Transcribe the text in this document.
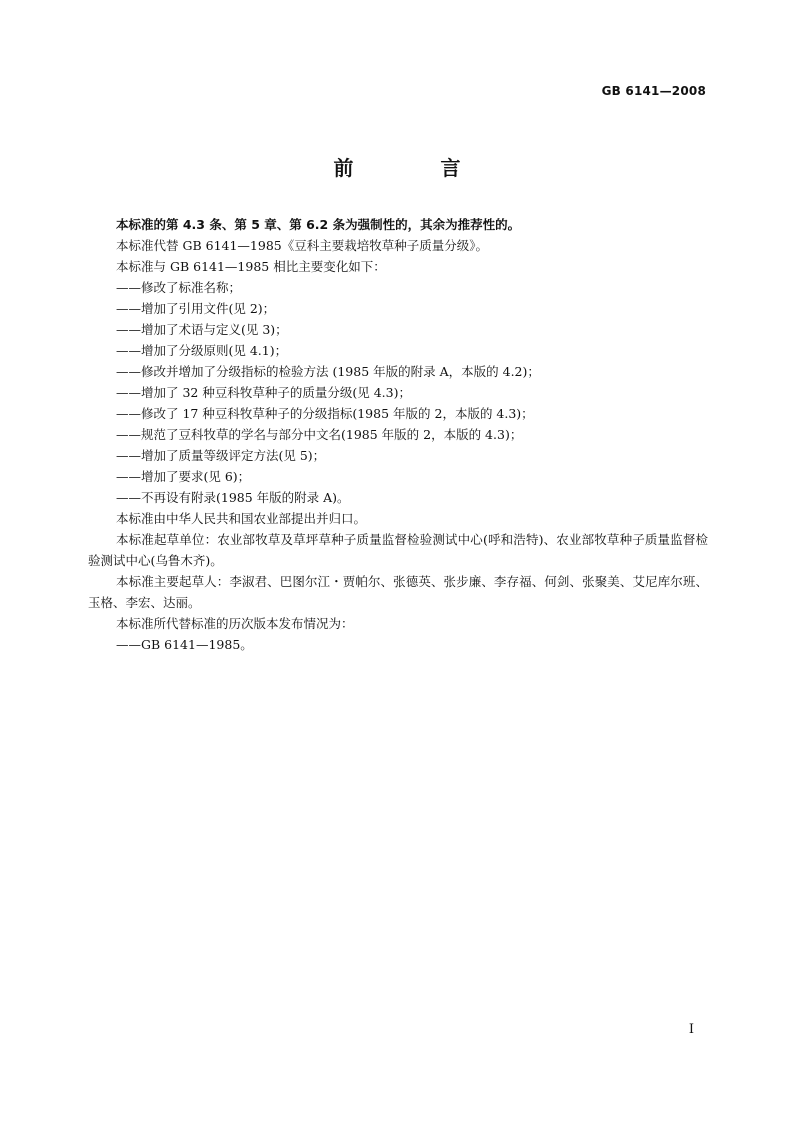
GB 6141—2008
前 言

本标准的第 4.3 条、第 5 章、第 6.2 条为强制性的，其余为推荐性的。

本标准代替 GB 6141—1985《豆科主要栽培牧草种子质量分级》。

本标准与 GB 6141—1985 相比主要变化如下：

——修改了标准名称；

——增加了引用文件(见 2)；

——增加了术语与定义(见 3)；

——增加了分级原则(见 4.1)；

——修改并增加了分级指标的检验方法 (1985 年版的附录 A，本版的 4.2)；

——增加了 32 种豆科牧草种子的质量分级(见 4.3)；

——修改了 17 种豆科牧草种子的分级指标(1985 年版的 2，本版的 4.3)；

——规范了豆科牧草的学名与部分中文名(1985 年版的 2，本版的 4.3)；

——增加了质量等级评定方法(见 5)；

——增加了要求(见 6)；

——不再设有附录(1985 年版的附录 A)。

本标准由中华人民共和国农业部提出并归口。

本标准起草单位：农业部牧草及草坪草种子质量监督检验测试中心(呼和浩特)、农业部牧草种子质量监督检验测试中心(乌鲁木齐)。

本标准主要起草人：李淑君、巴图尔江・贾帕尔、张德英、张步廉、李存福、何剑、张聚美、艾尼库尔班、玉格、李宏、达丽。

本标准所代替标准的历次版本发布情况为：

——GB 6141—1985。

I
